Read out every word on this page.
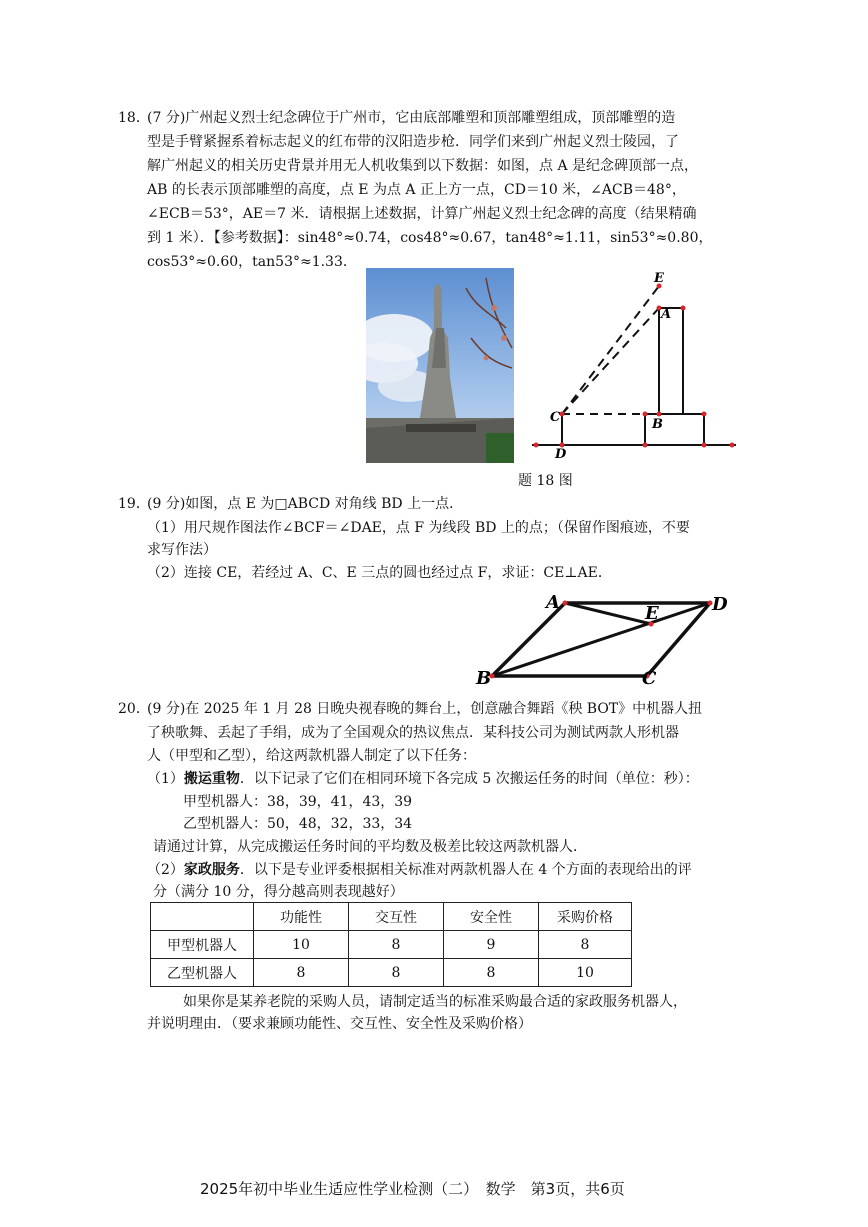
18．
(7 分)广州起义烈士纪念碑位于广州市，它由底部雕塑和顶部雕塑组成，顶部雕塑的造
型是手臂紧握系着标志起义的红布带的汉阳造步枪．同学们来到广州起义烈士陵园，了
解广州起义的相关历史背景并用无人机收集到以下数据：如图，点 A 是纪念碑顶部一点，
AB 的长表示顶部雕塑的高度，点 E 为点 A 正上方一点，CD＝10 米，∠ACB＝48°，
∠ECB＝53°，AE＝7 米．请根据上述数据，计算广州起义烈士纪念碑的高度（结果精确
到 1 米）．【参考数据】：sin48°≈0.74，cos48°≈0.67，tan48°≈1.11，sin53°≈0.80，
cos53°≈0.60，tan53°≈1.33．
E
A
C	B
D
题 18 图
19．
(9 分)如图，点 E 为□ABCD 对角线 BD 上一点．
（1）用尺规作图法作∠BCF＝∠DAE，点 F 为线段 BD 上的点；（保留作图痕迹，不要
求写作法）
（2）连接 CE，若经过 A、C、E 三点的圆也经过点 F，求证：CE⊥AE．
A
E	D
B	C
20．
(9 分)在 2025 年 1 月 28 日晚央视春晚的舞台上，创意融合舞蹈《秧 BOT》中机器人扭
了秧歌舞、丢起了手绢，成为了全国观众的热议焦点．某科技公司为测试两款人形机器
人（甲型和乙型），给这两款机器人制定了以下任务：
（1）搬运重物．以下记录了它们在相同环境下各完成 5 次搬运任务的时间（单位：秒）：
甲型机器人：38，39，41，43，39
乙型机器人：50，48，32，33，34
请通过计算，从完成搬运任务时间的平均数及极差比较这两款机器人．
（2）家政服务．以下是专业评委根据相关标准对两款机器人在 4 个方面的表现给出的评
分（满分 10 分，得分越高则表现越好）
	功能性	交互性	安全性	采购价格
甲型机器人	10	8	9	8
乙型机器人	8	8	8	10
如果你是某养老院的采购人员，请制定适当的标准采购最合适的家政服务机器人，
并说明理由．（要求兼顾功能性、交互性、安全性及采购价格）
2025年初中毕业生适应性学业检测（二）　数学　第3页，共6页
